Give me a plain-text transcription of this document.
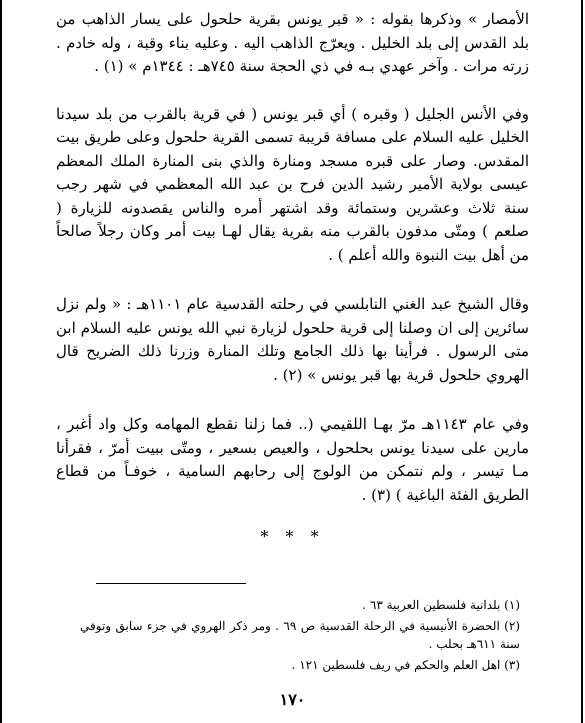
الأمصار » وذكرها بقوله : « قبر يونس بقرية حلحول على يسار الذاهب من بلد القدس إلى بلد الخليل . ويعرّج الذاهب اليه . وعليه بناء وقبة ، وله خادم . زرته مرات . وآخر عهدي بـه في ذي الحجة سنة ٧٤٥هـ : ١٣٤٤م » (١) .

وفي الأنس الجليل ( وقبره ) أي قبر يونس ( في قرية بالقرب من بلد سيدنا الخليل عليه السلام على مسافة قريبة تسمى القرية حلحول وعلى طريق بيت المقدس. وصار على قبره مسجد ومنارة والذي بنى المنارة الملك المعظم عيسى بولاية الأمير رشيد الدين فرح بن عبد الله المعظمي في شهر رجب سنة ثلاث وعشرين وستمائة وقد اشتهر أمره والناس يقصدونه للزيارة ( صلعم ) ومتّى مدفون بالقرب منه بقرية يقال لهـا بيت أمر وكان رجلاً صالحاً من أهل بيت النبوة والله أعلم ) .

وقال الشيخ عبد الغني النابلسي في رحلته القدسية عام ١١٠١هـ : « ولم نزل سائرين إلى ان وصلنا إلى قرية حلحول لزيارة نبي الله يونس عليه السلام ابن متى الرسول . فرأينا بها ذلك الجامع وتلك المنارة وزرنا ذلك الضريح قال الهروي حلحول قرية بها قبر يونس » (٢) .

وفي عام ١١٤٣هـ مرّ بهـا اللقيمي (.. فما زلنا نقطع المهامه وكل واد أغبر ، مارين على سيدنا يونس بحلحول ، والعيص بسعير ، ومتّى ببيت أمرّ ، فقرأنا مـا تيسر ، ولم نتمكن من الولوج إلى رحابهم السامية ، خوفـاً من قطاع الطريق الفئة الباغية ) (٣) .

* * *

(١) بلدانية فلسطين العربية ٦٣ .

(٢) الحضرة الأنيسية في الرحلة القدسية ص ٦٩ . ومر ذكر الهروي في جزء سابق وتوفي سنة ٦١١هـ بحلب .

(٣) اهل العلم والحكم في ريف فلسطين ١٢١ .

١٧٠
